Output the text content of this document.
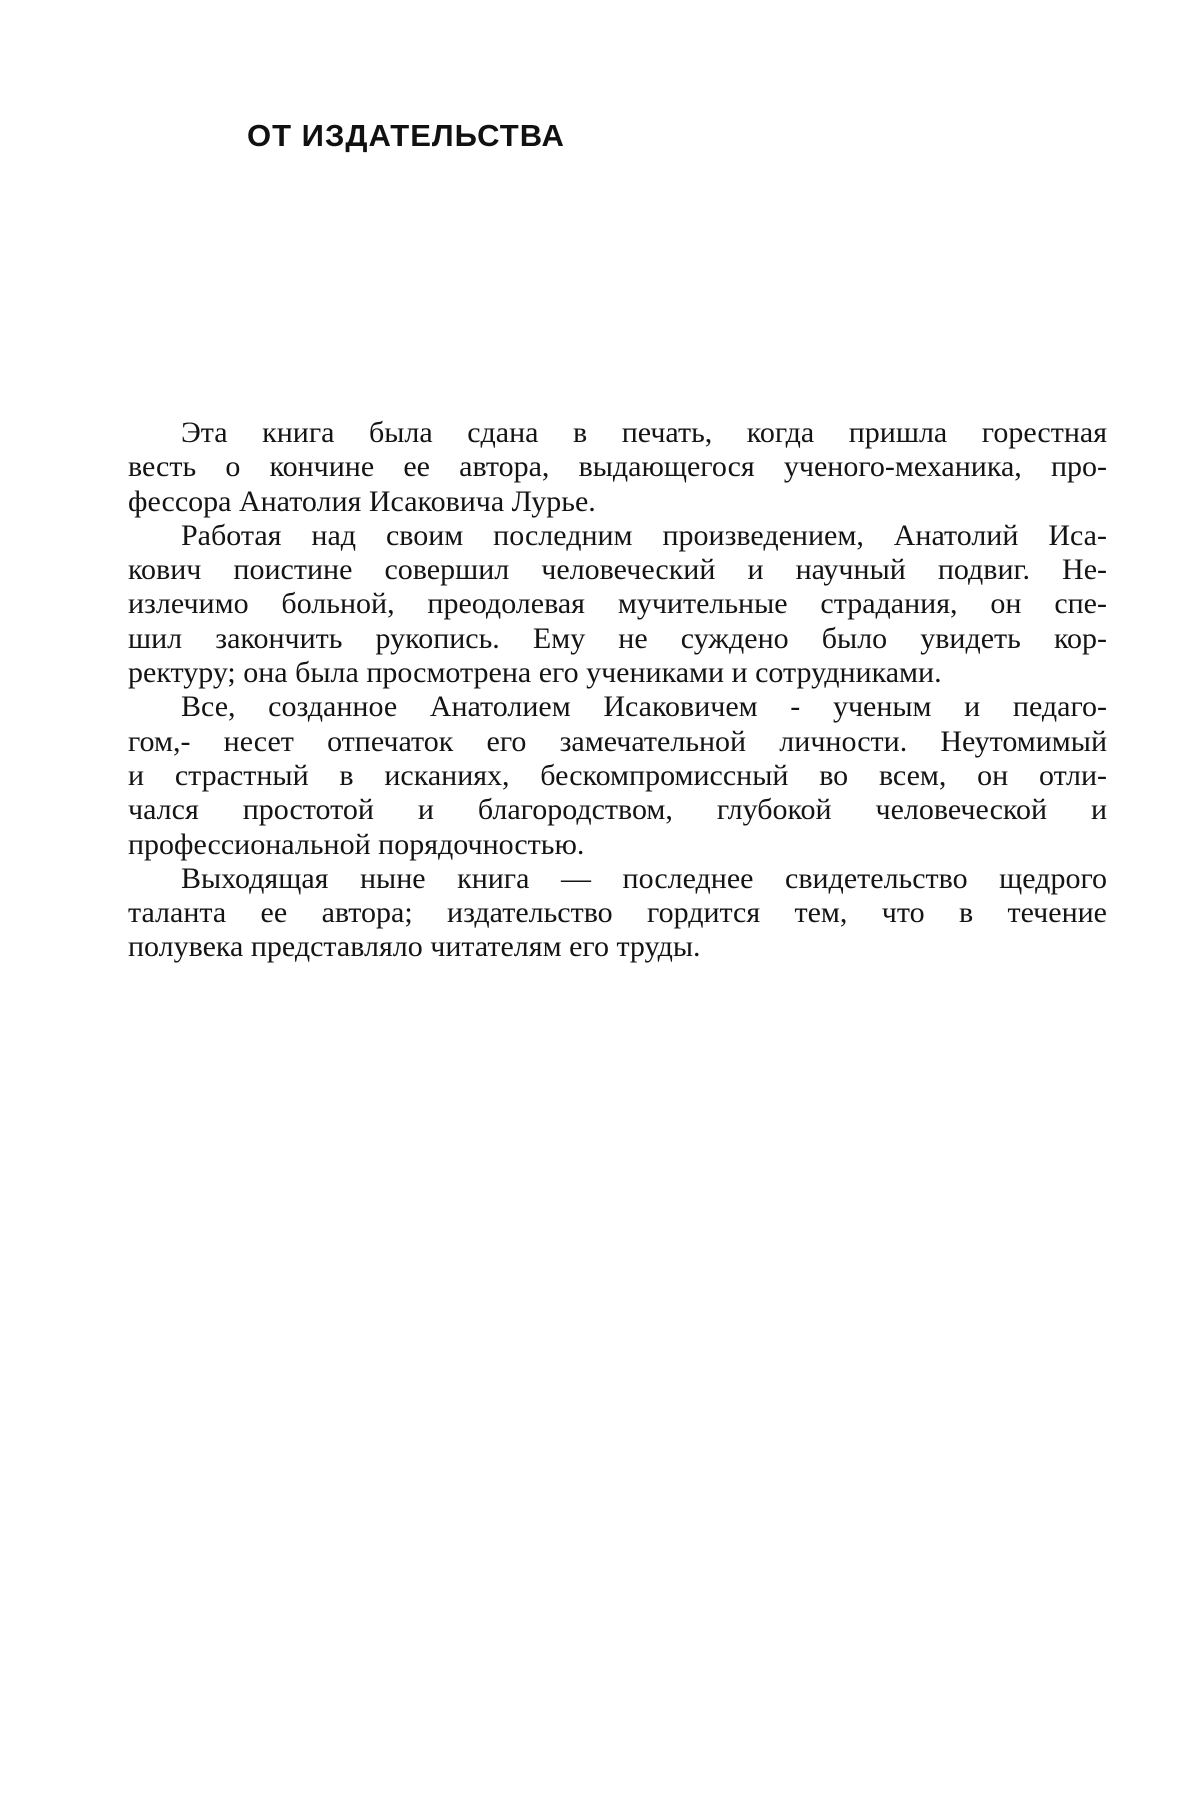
ОТ ИЗДАТЕЛЬСТВА

Эта книга была сдана в печать, когда пришла горестная
весть о кончине ее автора, выдающегося ученого-механика, про-
фессора Анатолия Исаковича Лурье.

Работая над своим последним произведением, Анатолий Иса-
кович поистине совершил человеческий и научный подвиг. Не-
излечимо больной, преодолевая мучительные страдания, он спе-
шил закончить рукопись. Ему не суждено было увидеть кор-
ректуру; она была просмотрена его учениками и сотрудниками.

Все, созданное Анатолием Исаковичем - ученым и педаго-
гом,- несет отпечаток его замечательной личности. Неутомимый
и страстный в исканиях, бескомпромиссный во всем, он отли-
чался простотой и благородством, глубокой человеческой и
профессиональной порядочностью.

Выходящая ныне книга — последнее свидетельство щедрого
таланта ее автора; издательство гордится тем, что в течение
полувека представляло читателям его труды.
